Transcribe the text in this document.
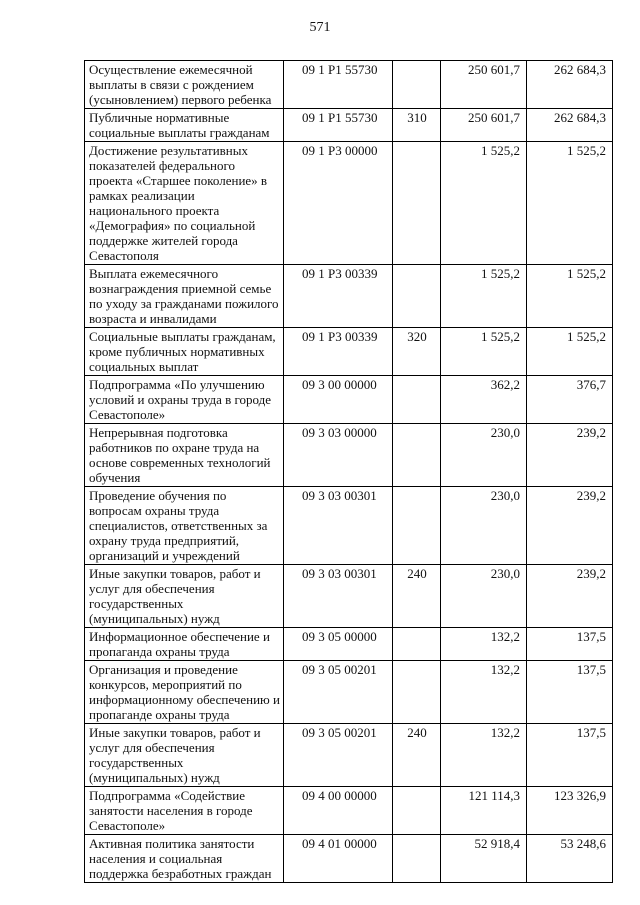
571
Осуществление ежемесячной выплаты в связи с рождением (усыновлением) первого ребенка	09 1 P1 55730		250 601,7	262 684,3
Публичные нормативные социальные выплаты гражданам	09 1 P1 55730	310	250 601,7	262 684,3
Достижение результативных показателей федерального проекта «Старшее поколение» в рамках реализации национального проекта «Демография» по социальной поддержке жителей города Севастополя	09 1 P3 00000		1 525,2	1 525,2
Выплата ежемесячного вознаграждения приемной семье по уходу за гражданами пожилого возраста и инвалидами	09 1 P3 00339		1 525,2	1 525,2
Социальные выплаты гражданам, кроме публичных нормативных социальных выплат	09 1 P3 00339	320	1 525,2	1 525,2
Подпрограмма «По улучшению условий и охраны труда в городе Севастополе»	09 3 00 00000		362,2	376,7
Непрерывная подготовка работников по охране труда на основе современных технологий обучения	09 3 03 00000		230,0	239,2
Проведение обучения по вопросам охраны труда специалистов, ответственных за охрану труда предприятий, организаций и учреждений	09 3 03 00301		230,0	239,2
Иные закупки товаров, работ и услуг для обеспечения государственных (муниципальных) нужд	09 3 03 00301	240	230,0	239,2
Информационное обеспечение и пропаганда охраны труда	09 3 05 00000		132,2	137,5
Организация и проведение конкурсов, мероприятий по информационному обеспечению и пропаганде охраны труда	09 3 05 00201		132,2	137,5
Иные закупки товаров, работ и услуг для обеспечения государственных (муниципальных) нужд	09 3 05 00201	240	132,2	137,5
Подпрограмма «Содействие занятости населения в городе Севастополе»	09 4 00 00000		121 114,3	123 326,9
Активная политика занятости населения и социальная поддержка безработных граждан	09 4 01 00000		52 918,4	53 248,6
